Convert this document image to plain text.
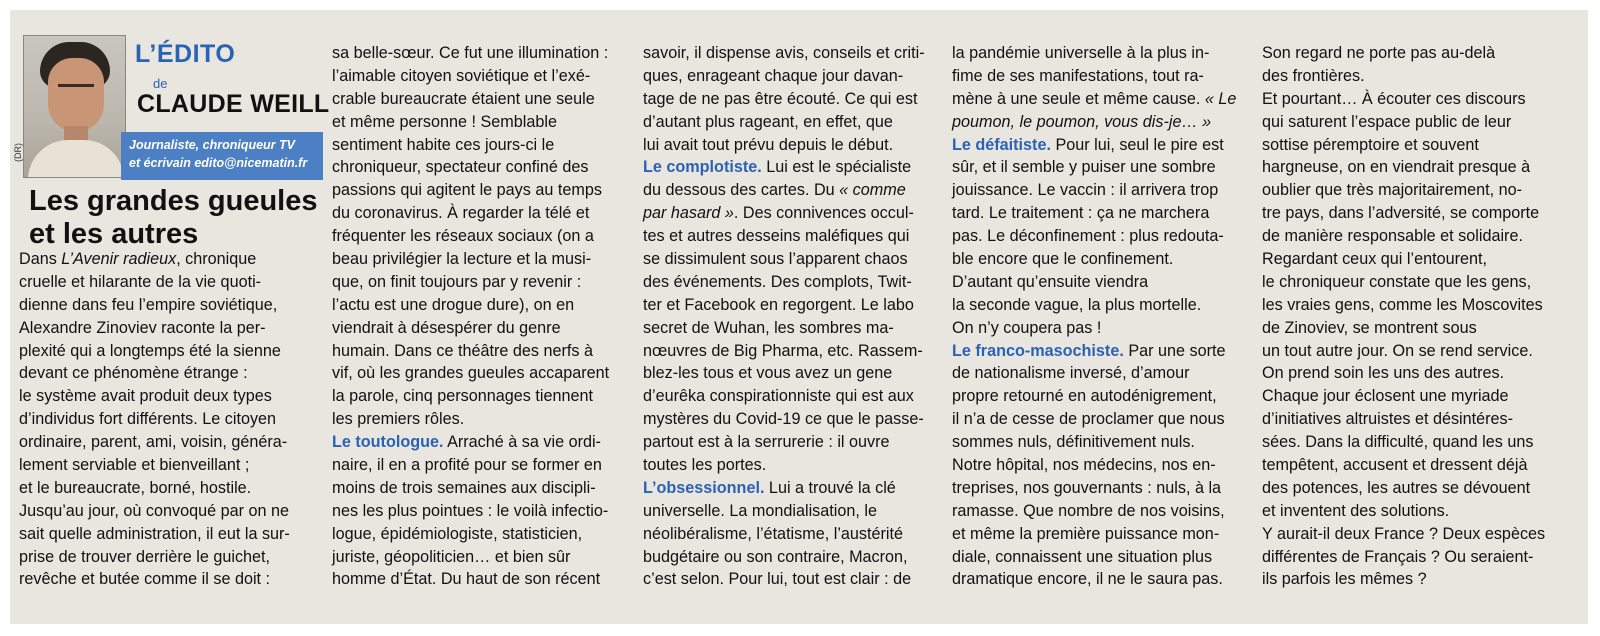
(DR)
L’ÉDITO
de
CLAUDE WEILL
Journaliste, chroniqueur TV
et écrivain edito@nicematin.fr
Les grandes gueules
et les autres
Dans L’Avenir radieux, chronique
cruelle et hilarante de la vie quoti-
dienne dans feu l’empire soviétique,
Alexandre Zinoviev raconte la per-
plexité qui a longtemps été la sienne
devant ce phénomène étrange :
le système avait produit deux types
d’individus fort différents. Le citoyen
ordinaire, parent, ami, voisin, généra-
lement serviable et bienveillant ;
et le bureaucrate, borné, hostile.
Jusqu’au jour, où convoqué par on ne
sait quelle administration, il eut la sur-
prise de trouver derrière le guichet,
revêche et butée comme il se doit :
sa belle-sœur. Ce fut une illumination :
l’aimable citoyen soviétique et l’exé-
crable bureaucrate étaient une seule
et même personne ! Semblable
sentiment habite ces jours-ci le
chroniqueur, spectateur confiné des
passions qui agitent le pays au temps
du coronavirus. À regarder la télé et
fréquenter les réseaux sociaux (on a
beau privilégier la lecture et la musi-
que, on finit toujours par y revenir :
l’actu est une drogue dure), on en
viendrait à désespérer du genre
humain. Dans ce théâtre des nerfs à
vif, où les grandes gueules accaparent
la parole, cinq personnages tiennent
les premiers rôles.
Le toutologue. Arraché à sa vie ordi-
naire, il en a profité pour se former en
moins de trois semaines aux discipli-
nes les plus pointues : le voilà infectio-
logue, épidémiologiste, statisticien,
juriste, géopoliticien… et bien sûr
homme d’État. Du haut de son récent
savoir, il dispense avis, conseils et criti-
ques, enrageant chaque jour davan-
tage de ne pas être écouté. Ce qui est
d’autant plus rageant, en effet, que
lui avait tout prévu depuis le début.
Le complotiste. Lui est le spécialiste
du dessous des cartes. Du « comme
par hasard ». Des connivences occul-
tes et autres desseins maléfiques qui
se dissimulent sous l’apparent chaos
des événements. Des complots, Twit-
ter et Facebook en regorgent. Le labo
secret de Wuhan, les sombres ma-
nœuvres de Big Pharma, etc. Rassem-
blez-les tous et vous avez un gene
d’eurêka conspirationniste qui est aux
mystères du Covid-19 ce que le passe-
partout est à la serrurerie : il ouvre
toutes les portes.
L’obsessionnel. Lui a trouvé la clé
universelle. La mondialisation, le
néolibéralisme, l’étatisme, l’austérité
budgétaire ou son contraire, Macron,
c’est selon. Pour lui, tout est clair : de
la pandémie universelle à la plus in-
fime de ses manifestations, tout ra-
mène à une seule et même cause. « Le
poumon, le poumon, vous dis-je… »
Le défaitiste. Pour lui, seul le pire est
sûr, et il semble y puiser une sombre
jouissance. Le vaccin : il arrivera trop
tard. Le traitement : ça ne marchera
pas. Le déconfinement : plus redouta-
ble encore que le confinement.
D’autant qu’ensuite viendra
la seconde vague, la plus mortelle.
On n’y coupera pas !
Le franco-masochiste. Par une sorte
de nationalisme inversé, d’amour
propre retourné en autodénigrement,
il n’a de cesse de proclamer que nous
sommes nuls, définitivement nuls.
Notre hôpital, nos médecins, nos en-
treprises, nos gouvernants : nuls, à la
ramasse. Que nombre de nos voisins,
et même la première puissance mon-
diale, connaissent une situation plus
dramatique encore, il ne le saura pas.
Son regard ne porte pas au-delà
des frontières.
Et pourtant… À écouter ces discours
qui saturent l’espace public de leur
sottise péremptoire et souvent
hargneuse, on en viendrait presque à
oublier que très majoritairement, no-
tre pays, dans l’adversité, se comporte
de manière responsable et solidaire.
Regardant ceux qui l’entourent,
le chroniqueur constate que les gens,
les vraies gens, comme les Moscovites
de Zinoviev, se montrent sous
un tout autre jour. On se rend service.
On prend soin les uns des autres.
Chaque jour éclosent une myriade
d’initiatives altruistes et désintéres-
sées. Dans la difficulté, quand les uns
tempêtent, accusent et dressent déjà
des potences, les autres se dévouent
et inventent des solutions.
Y aurait-il deux France ? Deux espèces
différentes de Français ? Ou seraient-
ils parfois les mêmes ?
